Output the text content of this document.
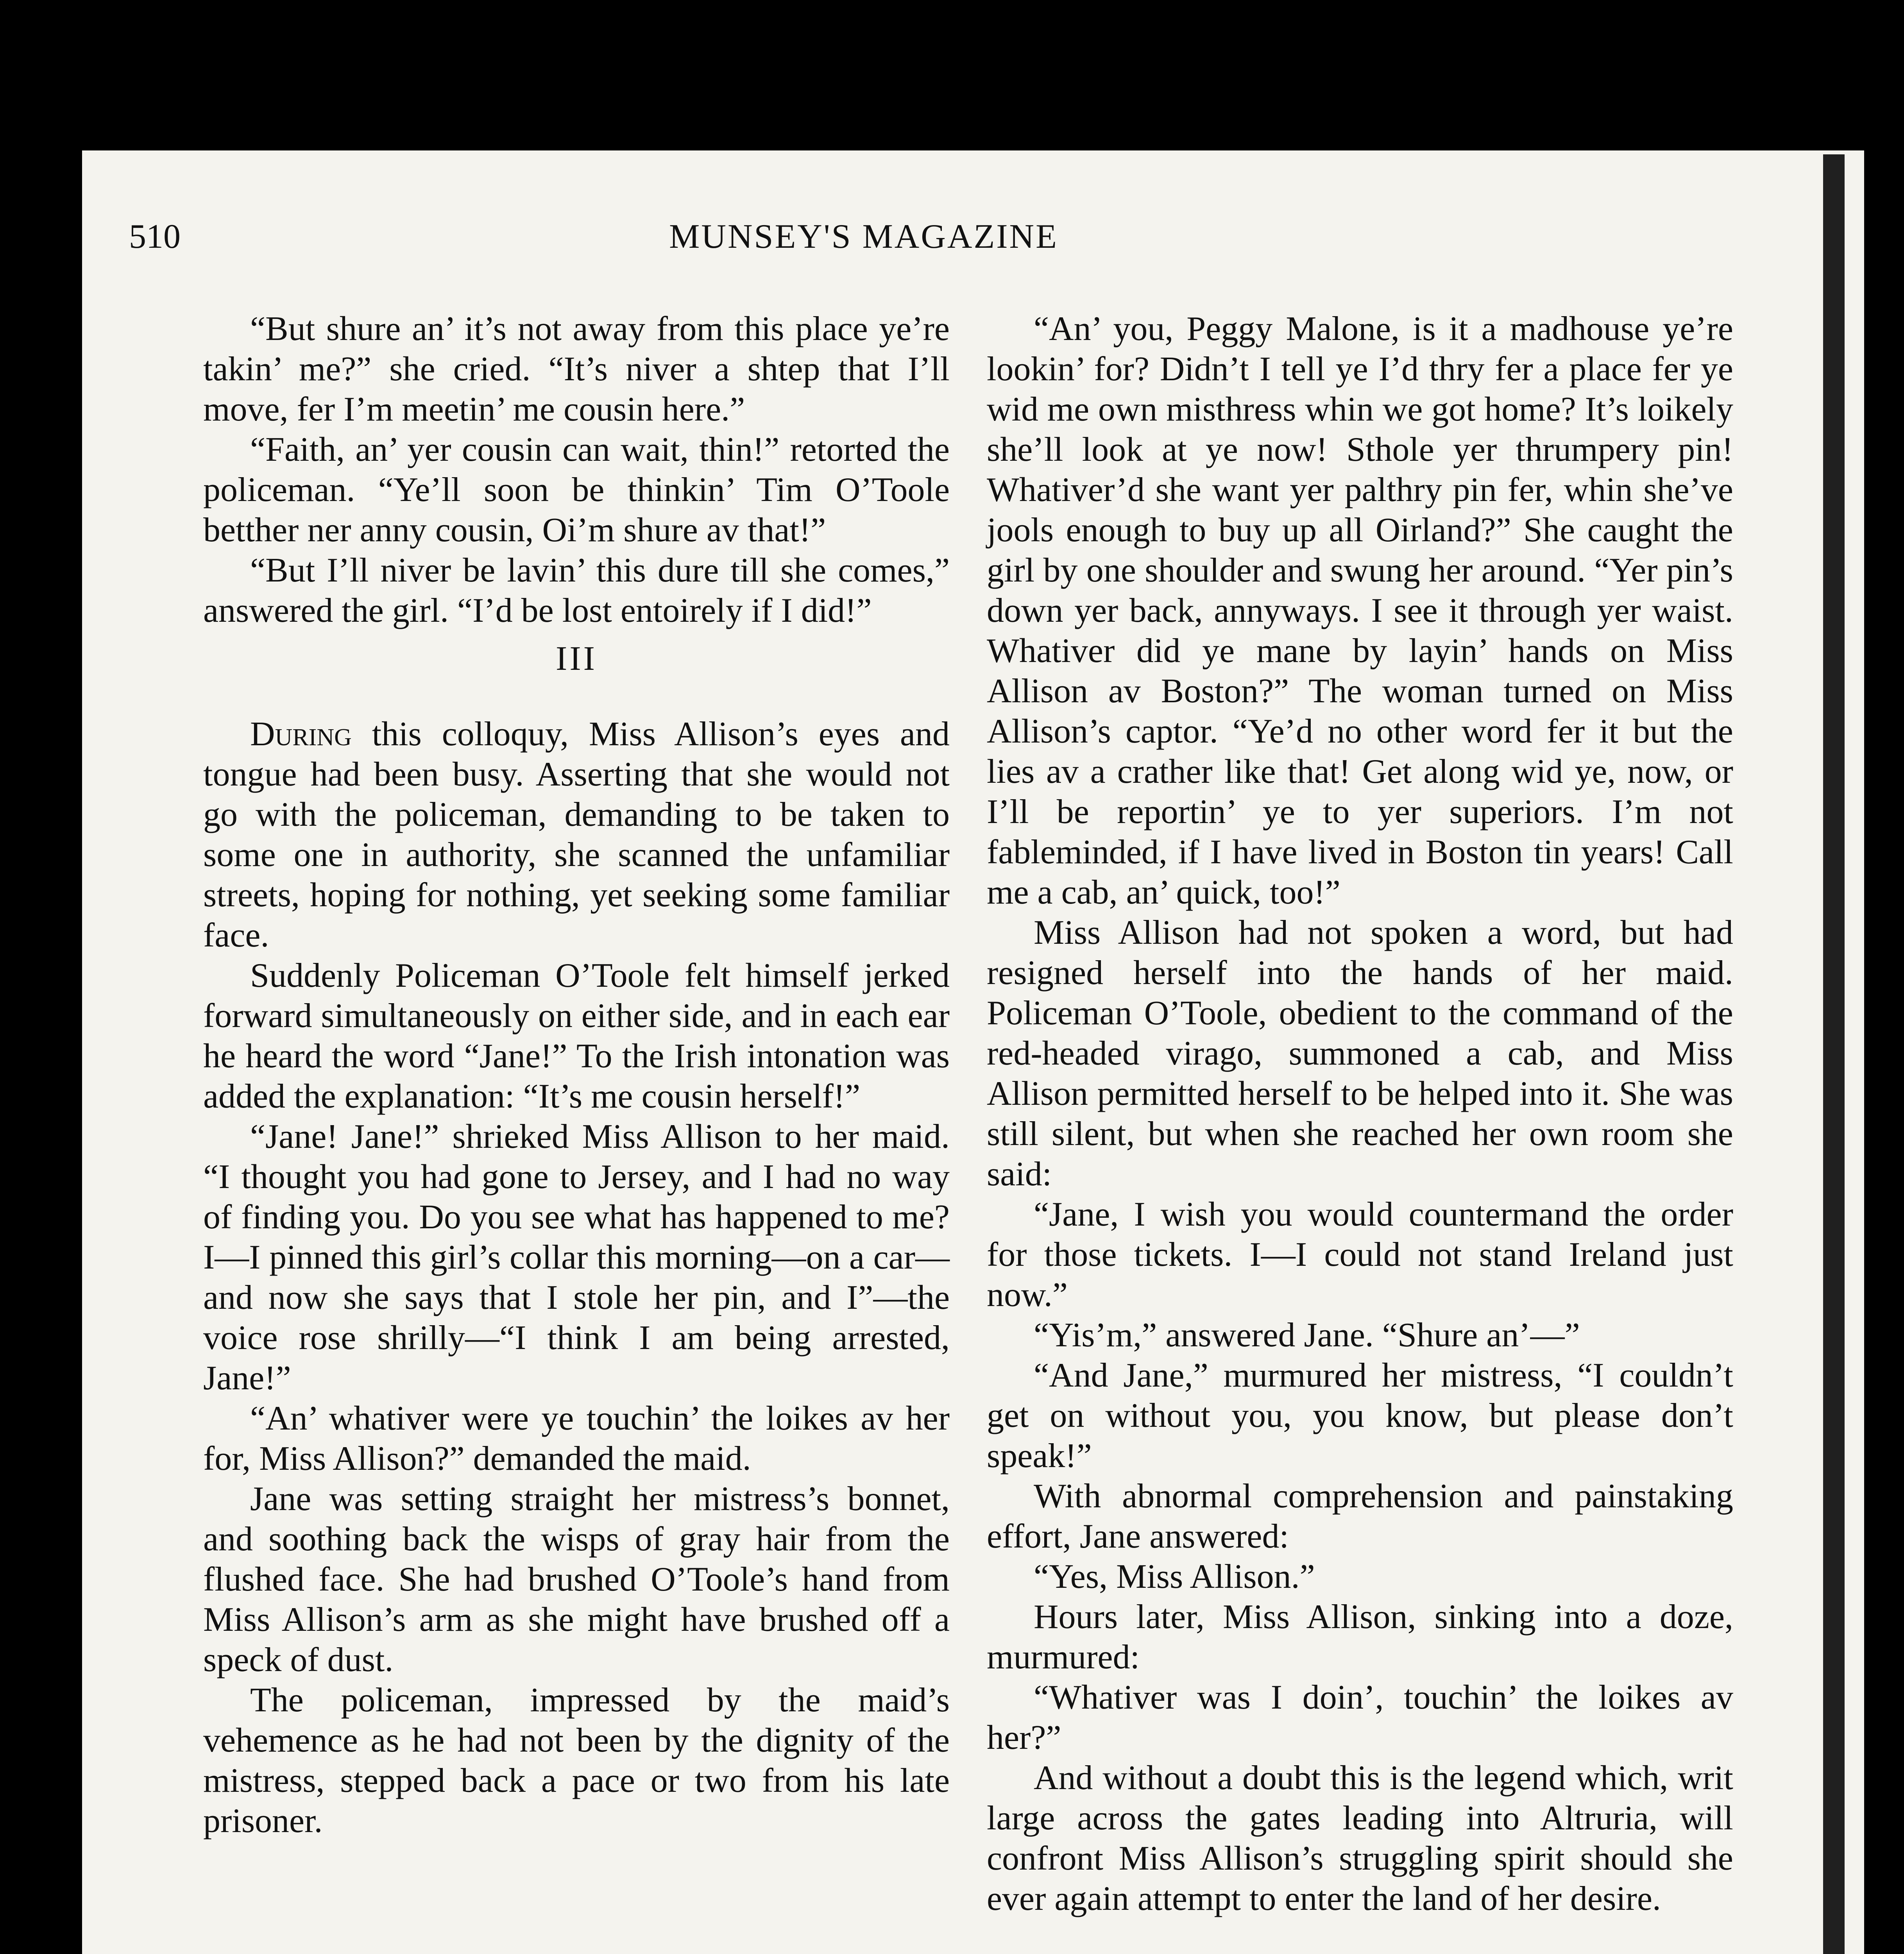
510	MUNSEY'S MAGAZINE

“But shure an’ it’s not away from this place ye’re takin’ me?” she cried. “It’s niver a shtep that I’ll move, fer I’m meetin’ me cousin here.”

“Faith, an’ yer cousin can wait, thin!” retorted the policeman. “Ye’ll soon be thinkin’ Tim O’Toole betther ner anny cousin, Oi’m shure av that!”

“But I’ll niver be lavin’ this dure till she comes,” answered the girl. “I’d be lost entoirely if I did!”

III

During this colloquy, Miss Allison’s eyes and tongue had been busy. Asserting that she would not go with the policeman, demanding to be taken to some one in authority, she scanned the unfamiliar streets, hoping for nothing, yet seeking some familiar face.

Suddenly Policeman O’Toole felt himself jerked forward simultaneously on either side, and in each ear he heard the word “Jane!” To the Irish intonation was added the explanation: “It’s me cousin herself!”

“Jane! Jane!” shrieked Miss Allison to her maid. “I thought you had gone to Jersey, and I had no way of finding you. Do you see what has happened to me? I—I pinned this girl’s collar this morning—on a car—and now she says that I stole her pin, and I”—the voice rose shrilly—“I think I am being arrested, Jane!”

“An’ whativer were ye touchin’ the loikes av her for, Miss Allison?” demanded the maid.

Jane was setting straight her mistress’s bonnet, and soothing back the wisps of gray hair from the flushed face. She had brushed O’Toole’s hand from Miss Allison’s arm as she might have brushed off a speck of dust.

The policeman, impressed by the maid’s vehemence as he had not been by the dignity of the mistress, stepped back a pace or two from his late prisoner.

“An’ you, Peggy Malone, is it a madhouse ye’re lookin’ for? Didn’t I tell ye I’d thry fer a place fer ye wid me own misthress whin we got home? It’s loikely she’ll look at ye now! Sthole yer thrumpery pin! Whativer’d she want yer palthry pin fer, whin she’ve jools enough to buy up all Oirland?” She caught the girl by one shoulder and swung her around. “Yer pin’s down yer back, annyways. I see it through yer waist. Whativer did ye mane by layin’ hands on Miss Allison av Boston?” The woman turned on Miss Allison’s captor. “Ye’d no other word fer it but the lies av a crather like that! Get along wid ye, now, or I’ll be reportin’ ye to yer superiors. I’m not fableminded, if I have lived in Boston tin years! Call me a cab, an’ quick, too!”

Miss Allison had not spoken a word, but had resigned herself into the hands of her maid. Policeman O’Toole, obedient to the command of the red-headed virago, summoned a cab, and Miss Allison permitted herself to be helped into it. She was still silent, but when she reached her own room she said:

“Jane, I wish you would countermand the order for those tickets. I—I could not stand Ireland just now.”

“Yis’m,” answered Jane. “Shure an’—”

“And Jane,” murmured her mistress, “I couldn’t get on without you, you know, but please don’t speak!”

With abnormal comprehension and painstaking effort, Jane answered:

“Yes, Miss Allison.”

Hours later, Miss Allison, sinking into a doze, murmured:

“Whativer was I doin’, touchin’ the loikes av her?”

And without a doubt this is the legend which, writ large across the gates leading into Altruria, will confront Miss Allison’s struggling spirit should she ever again attempt to enter the land of her desire.
